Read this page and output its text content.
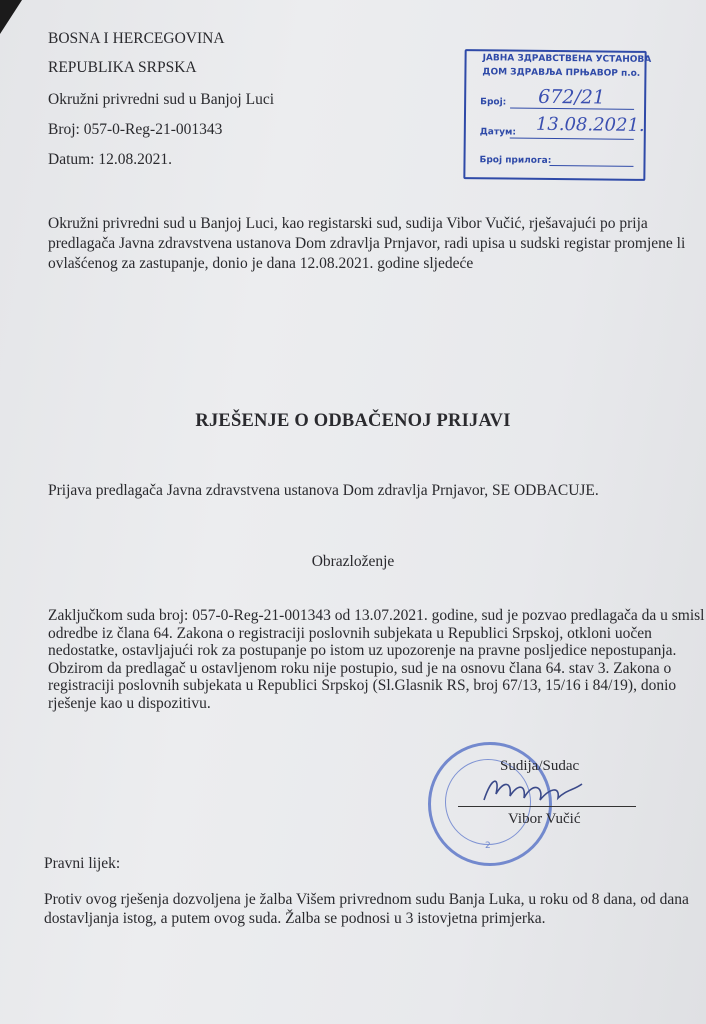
BOSNA I HERCEGOVINA
REPUBLIKA SRPSKA
Okružni privredni sud u Banjoj Luci
Broj: 057-0-Reg-21-001343
Datum: 12.08.2021.
ЈАВНА ЗДРАВСТВЕНА УСТАНОВА
ДОМ ЗДРАВЉА ПРЊАВОР п.о.
Број: 672/21
Датум: 13.08.2021.
Број прилога:
Okružni privredni sud u Banjoj Luci, kao registarski sud, sudija Vibor Vučić, rješavajući po prija
predlagača Javna zdravstvena ustanova Dom zdravlja Prnjavor, radi upisa u sudski registar promjene li
ovlašćenog za zastupanje, donio je dana 12.08.2021. godine sljedeće
RJEŠENJE O ODBAČENOJ PRIJAVI
Prijava predlagača Javna zdravstvena ustanova Dom zdravlja Prnjavor, SE ODBACUJE.
Obrazloženje
Zaključkom suda broj: 057-0-Reg-21-001343 od 13.07.2021. godine, sud je pozvao predlagača da u smisl
odredbe iz člana 64. Zakona o registraciji poslovnih subjekata u Republici Srpskoj, otkloni uočen
nedostatke, ostavljajući rok za postupanje po istom uz upozorenje na pravne posljedice nepostupanja.
Obzirom da predlagač u ostavljenom roku nije postupio, sud je na osnovu člana 64. stav 3. Zakona o
registraciji poslovnih subjekata u Republici Srpskoj (Sl.Glasnik RS, broj 67/13, 15/16 i 84/19), donio
rješenje kao u dispozitivu.
2
Sudija/Sudac
Vibor Vučić
Pravni lijek:
Protiv ovog rješenja dozvoljena je žalba Višem privrednom sudu Banja Luka, u roku od 8 dana, od dana
dostavljanja istog, a putem ovog suda. Žalba se podnosi u 3 istovjetna primjerka.
